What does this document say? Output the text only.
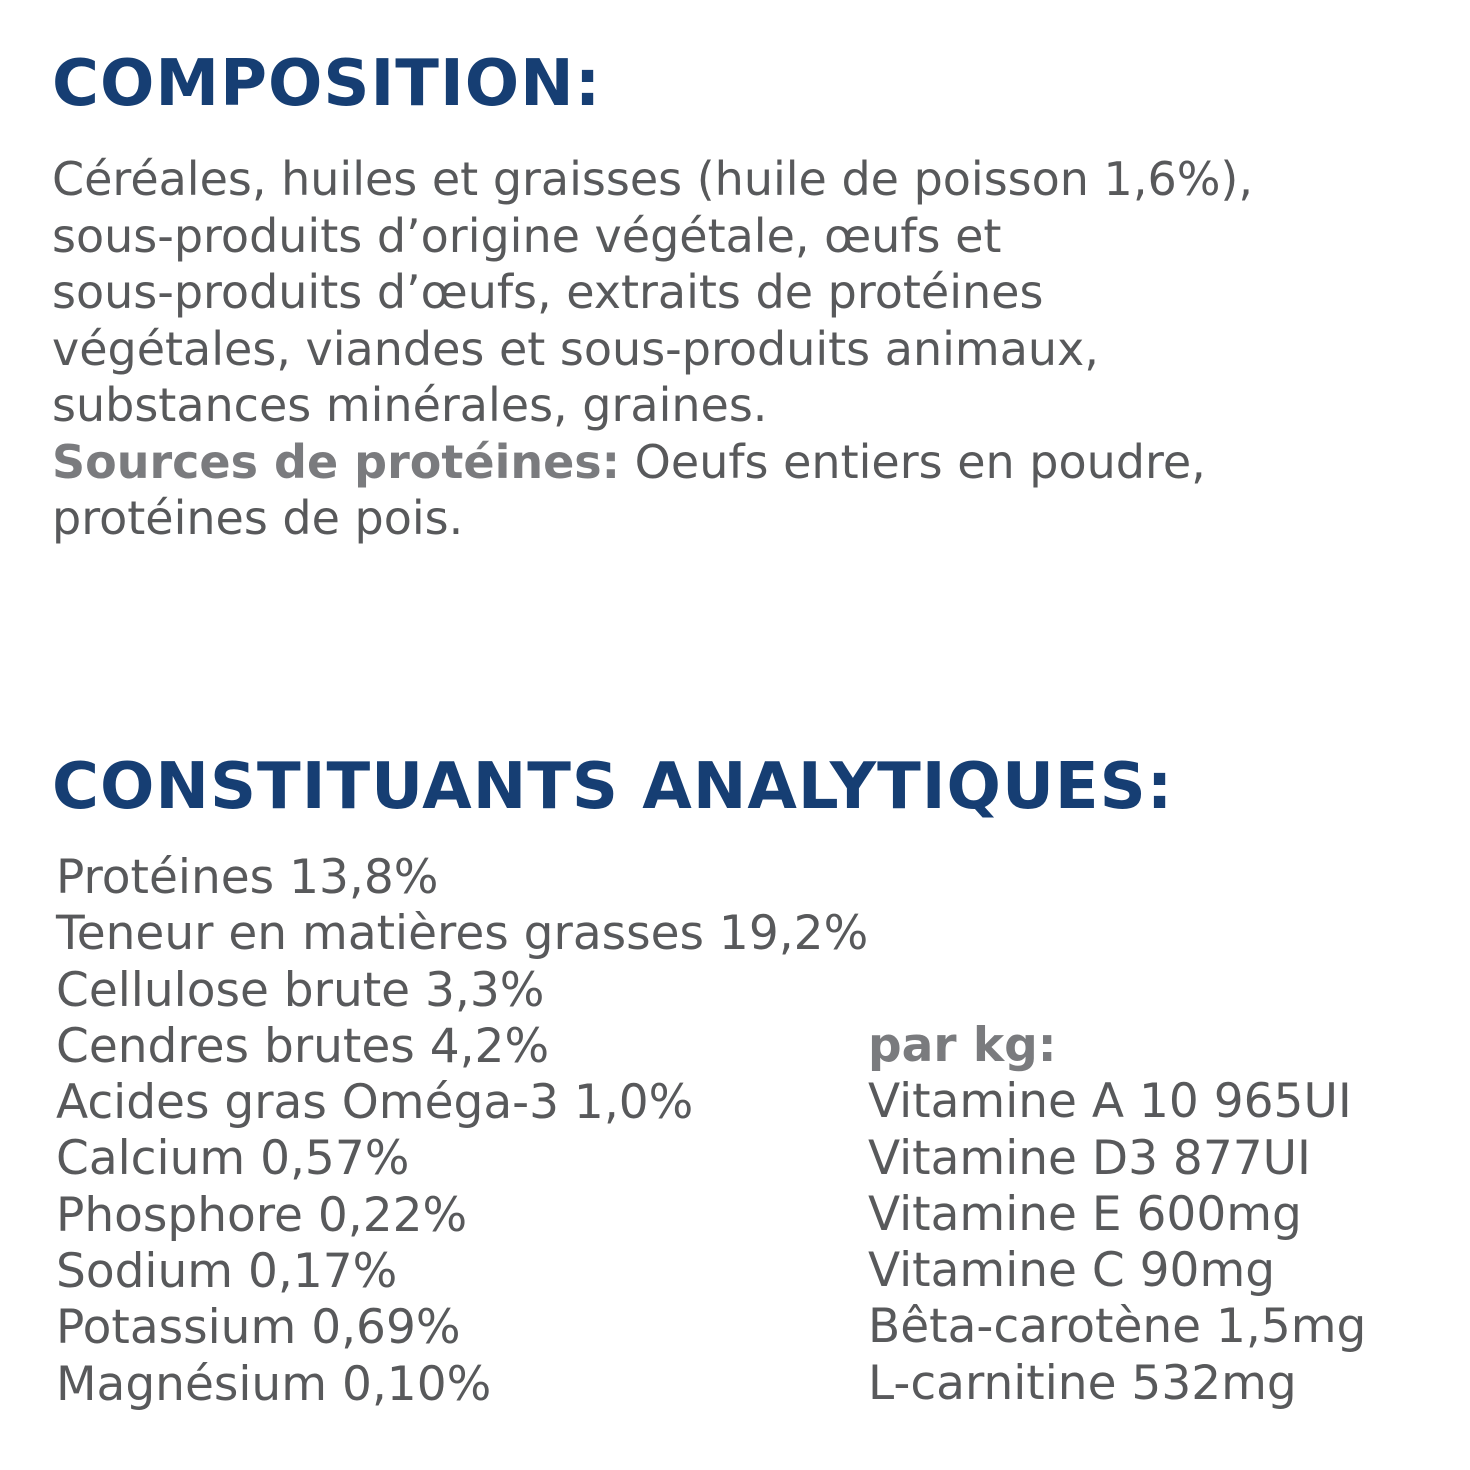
COMPOSITION:
Céréales, huiles et graisses (huile de poisson 1,6%),
sous-produits d’origine végétale, œufs et
sous-produits d’œufs, extraits de protéines
végétales, viandes et sous-produits animaux,
substances minérales, graines.
Sources de protéines: Oeufs entiers en poudre,
protéines de pois.
CONSTITUANTS ANALYTIQUES:
Protéines 13,8%
Teneur en matières grasses 19,2%
Cellulose brute 3,3%
Cendres brutes 4,2%
Acides gras Oméga-3 1,0%
Calcium 0,57%
Phosphore 0,22%
Sodium 0,17%
Potassium 0,69%
Magnésium 0,10%
par kg:
Vitamine A 10 965UI
Vitamine D3 877UI
Vitamine E 600mg
Vitamine C 90mg
Bêta-carotène 1,5mg
L-carnitine 532mg
